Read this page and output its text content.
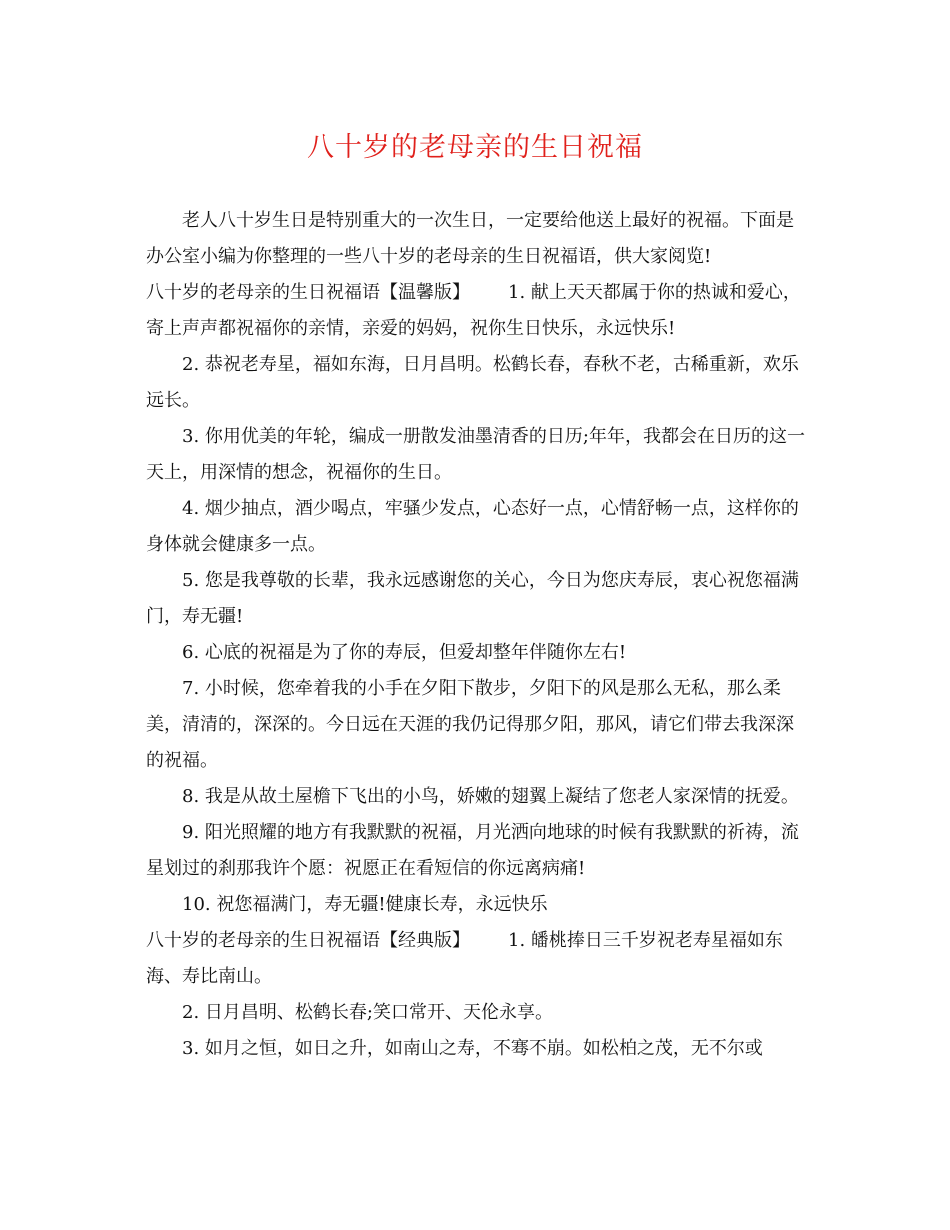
八十岁的老母亲的生日祝福

老人八十岁生日是特别重大的一次生日，一定要给他送上最好的祝福。下面是办公室小编为你整理的一些八十岁的老母亲的生日祝福语，供大家阅览!

八十岁的老母亲的生日祝福语【温馨版】 1. 献上天天都属于你的热诚和爱心，寄上声声都祝福你的亲情，亲爱的妈妈，祝你生日快乐，永远快乐!

2. 恭祝老寿星，福如东海，日月昌明。松鹤长春，春秋不老，古稀重新，欢乐远长。

3. 你用优美的年轮，编成一册散发油墨清香的日历;年年，我都会在日历的这一天上，用深情的想念，祝福你的生日。

4. 烟少抽点，酒少喝点，牢骚少发点，心态好一点，心情舒畅一点，这样你的身体就会健康多一点。

5. 您是我尊敬的长辈，我永远感谢您的关心，今日为您庆寿辰，衷心祝您福满门，寿无疆!

6. 心底的祝福是为了你的寿辰，但爱却整年伴随你左右!

7. 小时候，您牵着我的小手在夕阳下散步，夕阳下的风是那么无私，那么柔美，清清的，深深的。今日远在天涯的我仍记得那夕阳，那风，请它们带去我深深的祝福。

8. 我是从故土屋檐下飞出的小鸟，娇嫩的翅翼上凝结了您老人家深情的抚爱。

9. 阳光照耀的地方有我默默的祝福，月光洒向地球的时候有我默默的祈祷，流星划过的刹那我许个愿：祝愿正在看短信的你远离病痛!

10. 祝您福满门，寿无疆!健康长寿，永远快乐

八十岁的老母亲的生日祝福语【经典版】 1. 皤桃捧日三千岁祝老寿星福如东海、寿比南山。

2. 日月昌明、松鹤长春;笑口常开、天伦永享。

3. 如月之恒，如日之升，如南山之寿，不骞不崩。如松柏之茂，无不尔或
